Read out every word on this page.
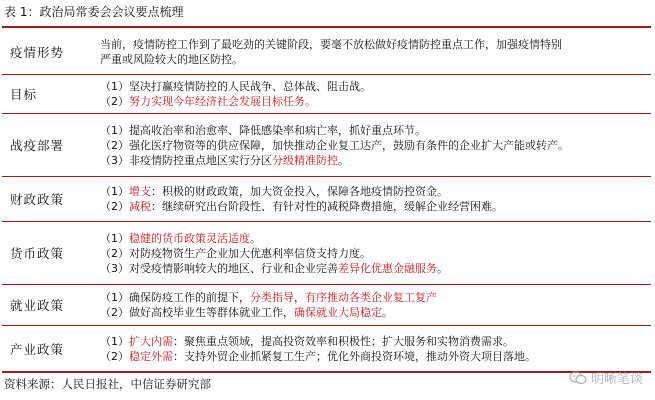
表 1：政治局常委会会议要点梳理
疫情形势	当前，疫情防控工作到了最吃劲的关键阶段，要毫不放松做好疫情防控重点工作，加强疫情特别
严重或风险较大的地区防控。

目标	（1）坚决打赢疫情防控的人民战争、总体战、阻击战。
（2）努力实现今年经济社会发展目标任务。

战疫部署	（1）提高收治率和治愈率、降低感染率和病亡率，抓好重点环节。
（2）强化医疗物资等的供应保障，加快推动企业复工达产，鼓励有条件的企业扩大产能或转产。
（3）非疫情防控重点地区实行分区分级精准防控。

财政政策	（1）增支：积极的财政政策，加大资金投入，保障各地疫情防控资金。
（2）减税：继续研究出台阶段性、有针对性的减税降费措施，缓解企业经营困难。

货币政策	（1）稳健的货币政策灵活适度。
（2）对防疫物资生产企业加大优惠利率信贷支持力度。
（3）对受疫情影响较大的地区、行业和企业完善差异化优惠金融服务。

就业政策	（1）确保防疫工作的前提下，分类指导，有序推动各类企业复工复产
（2）做好高校毕业生等群体就业工作，确保就业大局稳定。

产业政策	（1）扩大内需：聚焦重点领域，提高投资效率和积极性；扩大服务和实物消费需求。
（2）稳定外需：支持外贸企业抓紧复工生产；优化外商投资环境，推动外资大项目落地。
资料来源：人民日报社，中信证券研究部	明晰笔谈
